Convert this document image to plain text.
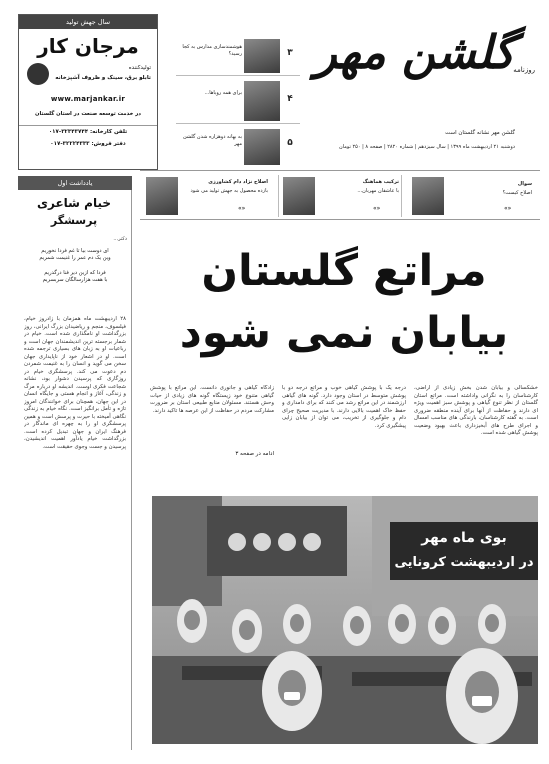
روزنامه
گلشن مهر
گلشن مهر نشانه گلستان است
دوشنبه ۲۱ اردیبهشت ماه ۱۳۹۹ | سال سیزدهم | شماره ۲۸۲۰ | صفحه ۸ | ۲۵۰ تومان
هوشمندسازی مدارس به کجا رسید؟	۳
برای همه رویاها...
۴
به بهانه دوهزاره شدن گلشن مهر	۵
سال جهش تولید
مرجان کار
تولیدکننده
تابلو برق، سینک و ظروف آشپزخانه
www.marjankar.ir
در خدمت توسعه صنعت در استان گلستان
تلفن کارخانه: ۳۲۳۴۳۷۴۴-۰۱۷
دفتر فروش: ۳۲۲۲۴۳۳۳-۰۱۷
اصلاح نژاد دام کشاورزی
بازده محصول به جهش تولید می شود
«»
ترکیب هماهنگ
با عاشقان مهربان...
«»
سوال
اصلاح کیست؟
«»
یادداشت اول
خیام شاعری
پرسشگر
دکتر...
ای دوست بیا تا غم فردا نخوریم
وین یک دم عمر را غنیمت شمریم
فردا که ازین دیر فنا درگذریم
با هفت هزارسالگان سربسریم
۲۸ اردیبهشت ماه همزمان با زادروز خیام، فیلسوف، منجم و ریاضیدان بزرگ ایرانی، روز بزرگداشت او نامگذاری شده است. خیام در شمار برجسته ترین اندیشمندان جهان است و رباعیات او به زبان های بسیاری ترجمه شده است. او در اشعار خود از ناپایداری جهان سخن می گوید و انسان را به غنیمت شمردن دم دعوت می کند. پرسشگری خیام در روزگاری که پرسیدن دشوار بود، نشانه شجاعت فکری اوست. اندیشه او درباره مرگ و زندگی، آغاز و انجام هستی و جایگاه انسان در این جهان، همچنان برای خوانندگان امروز تازه و تأمل برانگیز است. نگاه خیام به زندگی نگاهی آمیخته با حیرت و پرسش است و همین پرسشگری او را به چهره ای ماندگار در فرهنگ ایران و جهان تبدیل کرده است. بزرگداشت خیام یادآور اهمیت اندیشیدن، پرسیدن و جست وجوی حقیقت است.
مراتع گلستان
بیابان نمی شود
خشکسالی و بیابان شدن بخش زیادی از اراضی، کارشناسان را به نگرانی واداشته است. مراتع استان گلستان از نظر تنوع گیاهی و پوشش سبز اهمیت ویژه ای دارند و حفاظت از آنها برای آینده منطقه ضروری است. به گفته کارشناسان، بارندگی های مناسب امسال و اجرای طرح های آبخیزداری باعث بهبود وضعیت پوشش گیاهی شده است.
درجه یک با پوشش گیاهی خوب و مراتع درجه دو با پوشش متوسط در استان وجود دارد. گونه های گیاهی ارزشمند در این مراتع رشد می کنند که برای دامداری و حفظ خاک اهمیت بالایی دارند. با مدیریت صحیح چرای دام و جلوگیری از تخریب، می توان از بیابان زایی پیشگیری کرد.
زادگاه گیاهی و جانوری دانست. این مراتع با پوشش گیاهی متنوع خود زیستگاه گونه های زیادی از حیات وحش هستند. مسئولان منابع طبیعی استان بر ضرورت مشارکت مردم در حفاظت از این عرصه ها تاکید دارند.
ادامه در صفحه ۳
بوی ماه مهر
در اردیبهشت کرونایی
